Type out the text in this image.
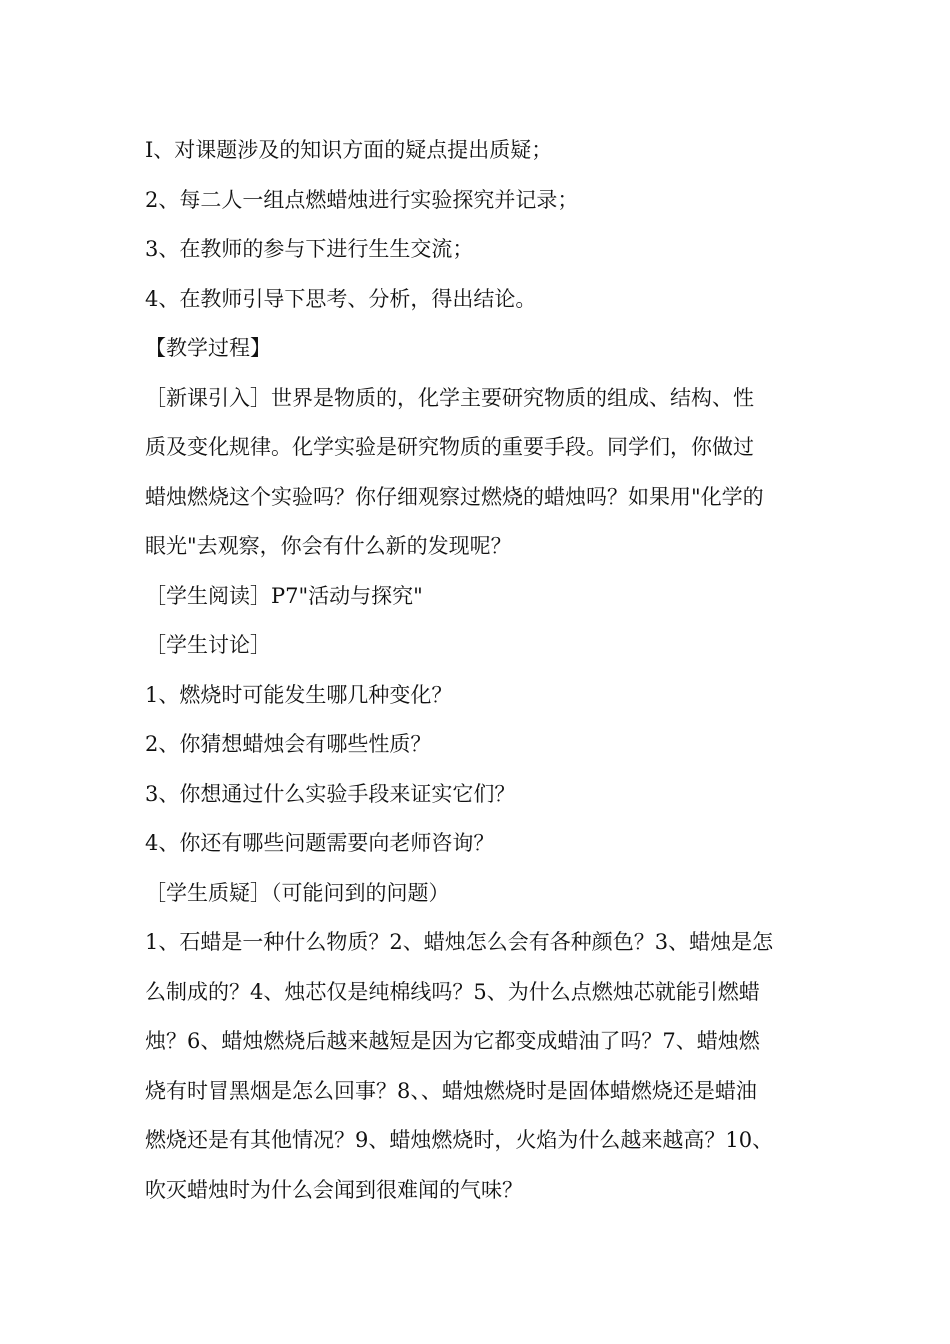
I、对课题涉及的知识方面的疑点提出质疑；
2、每二人一组点燃蜡烛进行实验探究并记录；
3、在教师的参与下进行生生交流；
4、在教师引导下思考、分析，得出结论。
【教学过程】
［新课引入］世界是物质的，化学主要研究物质的组成、结构、性
质及变化规律。化学实验是研究物质的重要手段。同学们，你做过
蜡烛燃烧这个实验吗？你仔细观察过燃烧的蜡烛吗？如果用"化学的
眼光"去观察，你会有什么新的发现呢？
［学生阅读］P7"活动与探究"
［学生讨论］
1、燃烧时可能发生哪几种变化？
2、你猜想蜡烛会有哪些性质？
3、你想通过什么实验手段来证实它们？
4、你还有哪些问题需要向老师咨询？
［学生质疑］（可能问到的问题）
1、石蜡是一种什么物质？2、蜡烛怎么会有各种颜色？3、蜡烛是怎
么制成的？4、烛芯仅是纯棉线吗？5、为什么点燃烛芯就能引燃蜡
烛？6、蜡烛燃烧后越来越短是因为它都变成蜡油了吗？7、蜡烛燃
烧有时冒黑烟是怎么回事？8、、蜡烛燃烧时是固体蜡燃烧还是蜡油
燃烧还是有其他情况？9、蜡烛燃烧时，火焰为什么越来越高？10、
吹灭蜡烛时为什么会闻到很难闻的气味？
